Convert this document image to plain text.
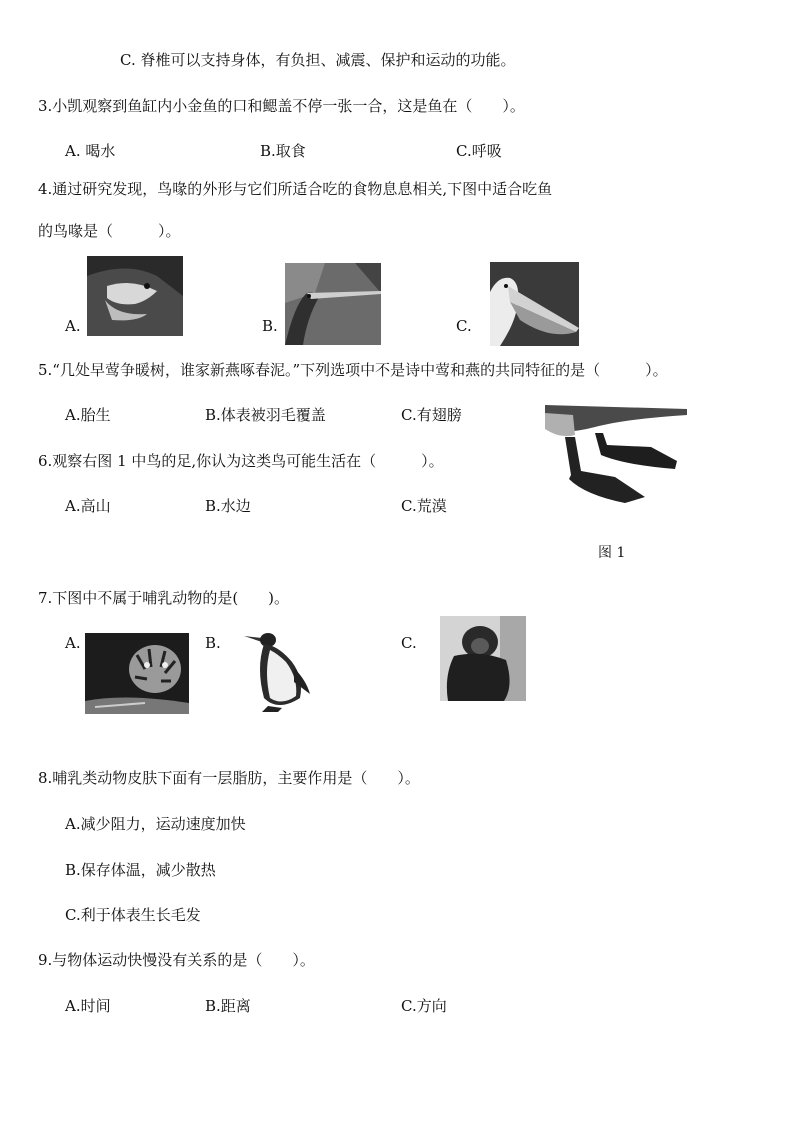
C. 脊椎可以支持身体，有负担、减震、保护和运动的功能。
3.小凯观察到鱼缸内小金鱼的口和鳃盖不停一张一合，这是鱼在（　　）。
A. 喝水	B.取食	C.呼吸
4.通过研究发现，鸟喙的外形与它们所适合吃的食物息息相关,下图中适合吃鱼
的鸟喙是（　　　）。
A.	B.	C.
5.“几处早莺争暖树，谁家新燕啄春泥。”下列选项中不是诗中莺和燕的共同特征的是（　　　）。
A.胎生	B.体表被羽毛覆盖	C.有翅膀
6.观察右图 1 中鸟的足,你认为这类鸟可能生活在（　　　）。
A.高山	B.水边	C.荒漠
图 1
7.下图中不属于哺乳动物的是(　　)。
A.	B.	C.
8.哺乳类动物皮肤下面有一层脂肪，主要作用是（　　）。
A.减少阻力，运动速度加快
B.保存体温，减少散热
C.利于体表生长毛发
9.与物体运动快慢没有关系的是（　　）。
A.时间	B.距离	C.方向
